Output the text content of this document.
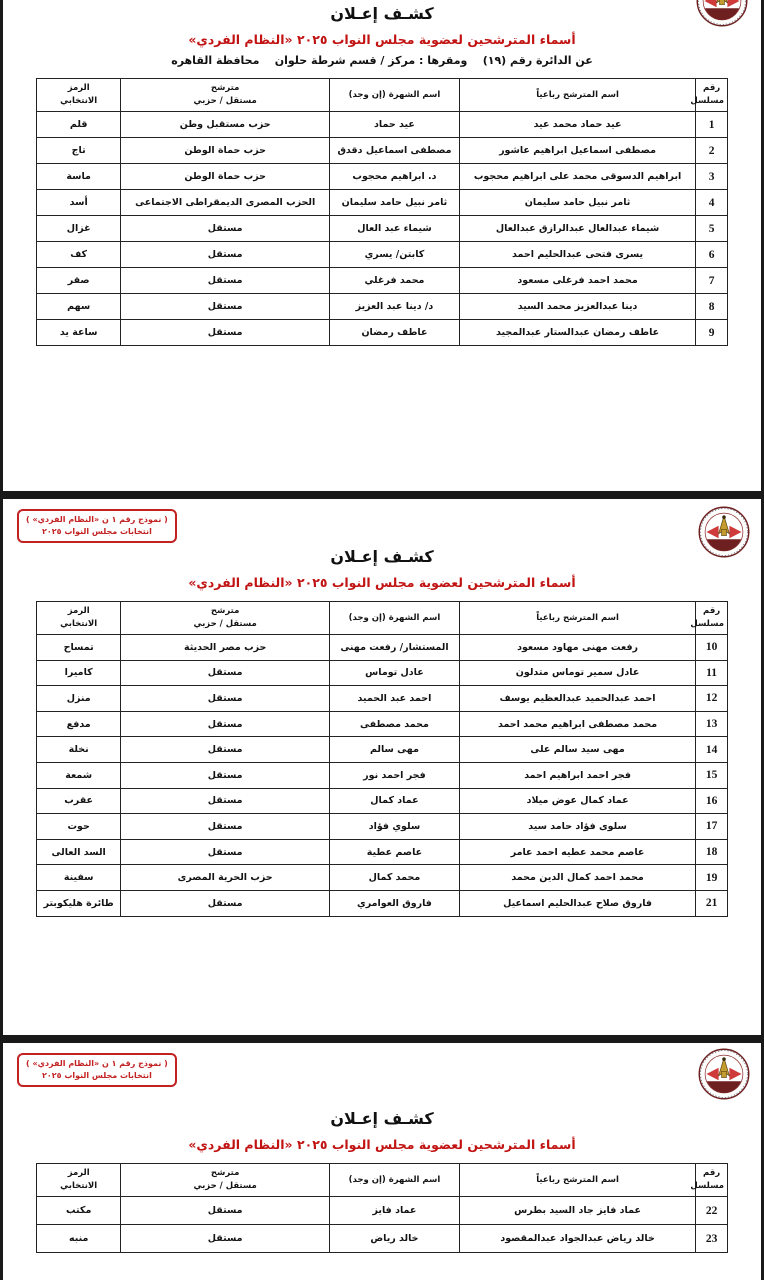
كشـف إعـلان
أسماء المترشحين لعضوية مجلس النواب ٢٠٢٥ «النظام الفردي»
عن الدائرة رقم (١٩)    ومقرها : مركز / قسم شرطة حلوان    محافظة القاهره
رقم
مسلسل	اسم المترشح رباعياً	اسم الشهرة (إن وجد)	مترشح
مستقل / حزبي	الرمز
الانتخابي

1	عيد حماد محمد عيد	عيد حماد	حزب مستقبل وطن	قلم
2	مصطفى اسماعيل ابراهيم عاشور	مصطفى اسماعيل دقدق	حزب حماة الوطن	تاج
3	ابراهيم الدسوقى محمد على ابراهيم محجوب	د. ابراهيم محجوب	حزب حماة الوطن	ماسة
4	ثامر نبيل حامد سليمان	ثامر نبيل حامد سليمان	الحزب المصرى الديمقراطى الاجتماعى	أسد
5	شيماء عبدالعال عبدالرازق عبدالعال	شيماء عبد العال	مستقل	غزال
6	يسرى فتحى عبدالحليم احمد	كابتن/ يسري	مستقل	كف
7	محمد احمد فرغلى مسعود	محمد فرغلي	مستقل	صقر
8	دينا عبدالعزيز محمد السيد	د/ دينا عبد العزيز	مستقل	سهم
9	عاطف رمضان عبدالستار عبدالمجيد	عاطف رمضان	مستقل	ساعة يد
( نموذج رقم ١ ن «النظام الفردي» )
انتخابات مجلس النواب ٢٠٢٥
كشـف إعـلان
أسماء المترشحين لعضوية مجلس النواب ٢٠٢٥ «النظام الفردي»
رقم
مسلسل	اسم المترشح رباعياً	اسم الشهرة (إن وجد)	مترشح
مستقل / حزبي	الرمز
الانتخابي

10	رفعت مهنى مهاود مسعود	المستشار/ رفعت مهنى	حزب مصر الحديثة	تمساح
11	عادل سمير توماس متدلون	عادل توماس	مستقل	كاميرا
12	احمد عبدالحميد عبدالعظيم يوسف	احمد عبد الحميد	مستقل	منزل
13	محمد مصطفى ابراهيم محمد احمد	محمد مصطفى	مستقل	مدفع
14	مهى سيد سالم على	مهى سالم	مستقل	نخلة
15	فجر احمد ابراهيم احمد	فجر احمد نور	مستقل	شمعة
16	عماد كمال عوض ميلاد	عماد كمال	مستقل	عقرب
17	سلوى فؤاد حامد سيد	سلوي فؤاد	مستقل	حوت
18	عاصم محمد عطيه احمد عامر	عاصم عطية	مستقل	السد العالى
19	محمد احمد كمال الدين محمد	محمد كمال	حزب الحرية المصرى	سفينة
21	فاروق صلاح عبدالحليم اسماعيل	فاروق العوامري	مستقل	طائرة هليكوبتر
( نموذج رقم ١ ن «النظام الفردي» )
انتخابات مجلس النواب ٢٠٢٥
كشـف إعـلان
أسماء المترشحين لعضوية مجلس النواب ٢٠٢٥ «النظام الفردي»
رقم
مسلسل	اسم المترشح رباعياً	اسم الشهرة (إن وجد)	مترشح
مستقل / حزبي	الرمز
الانتخابي

22	عماد فايز جاد السيد بطرس	عماد فايز	مستقل	مكتب
23	خالد رياض عبدالجواد عبدالمقصود	خالد رياض	مستقل	منبه
